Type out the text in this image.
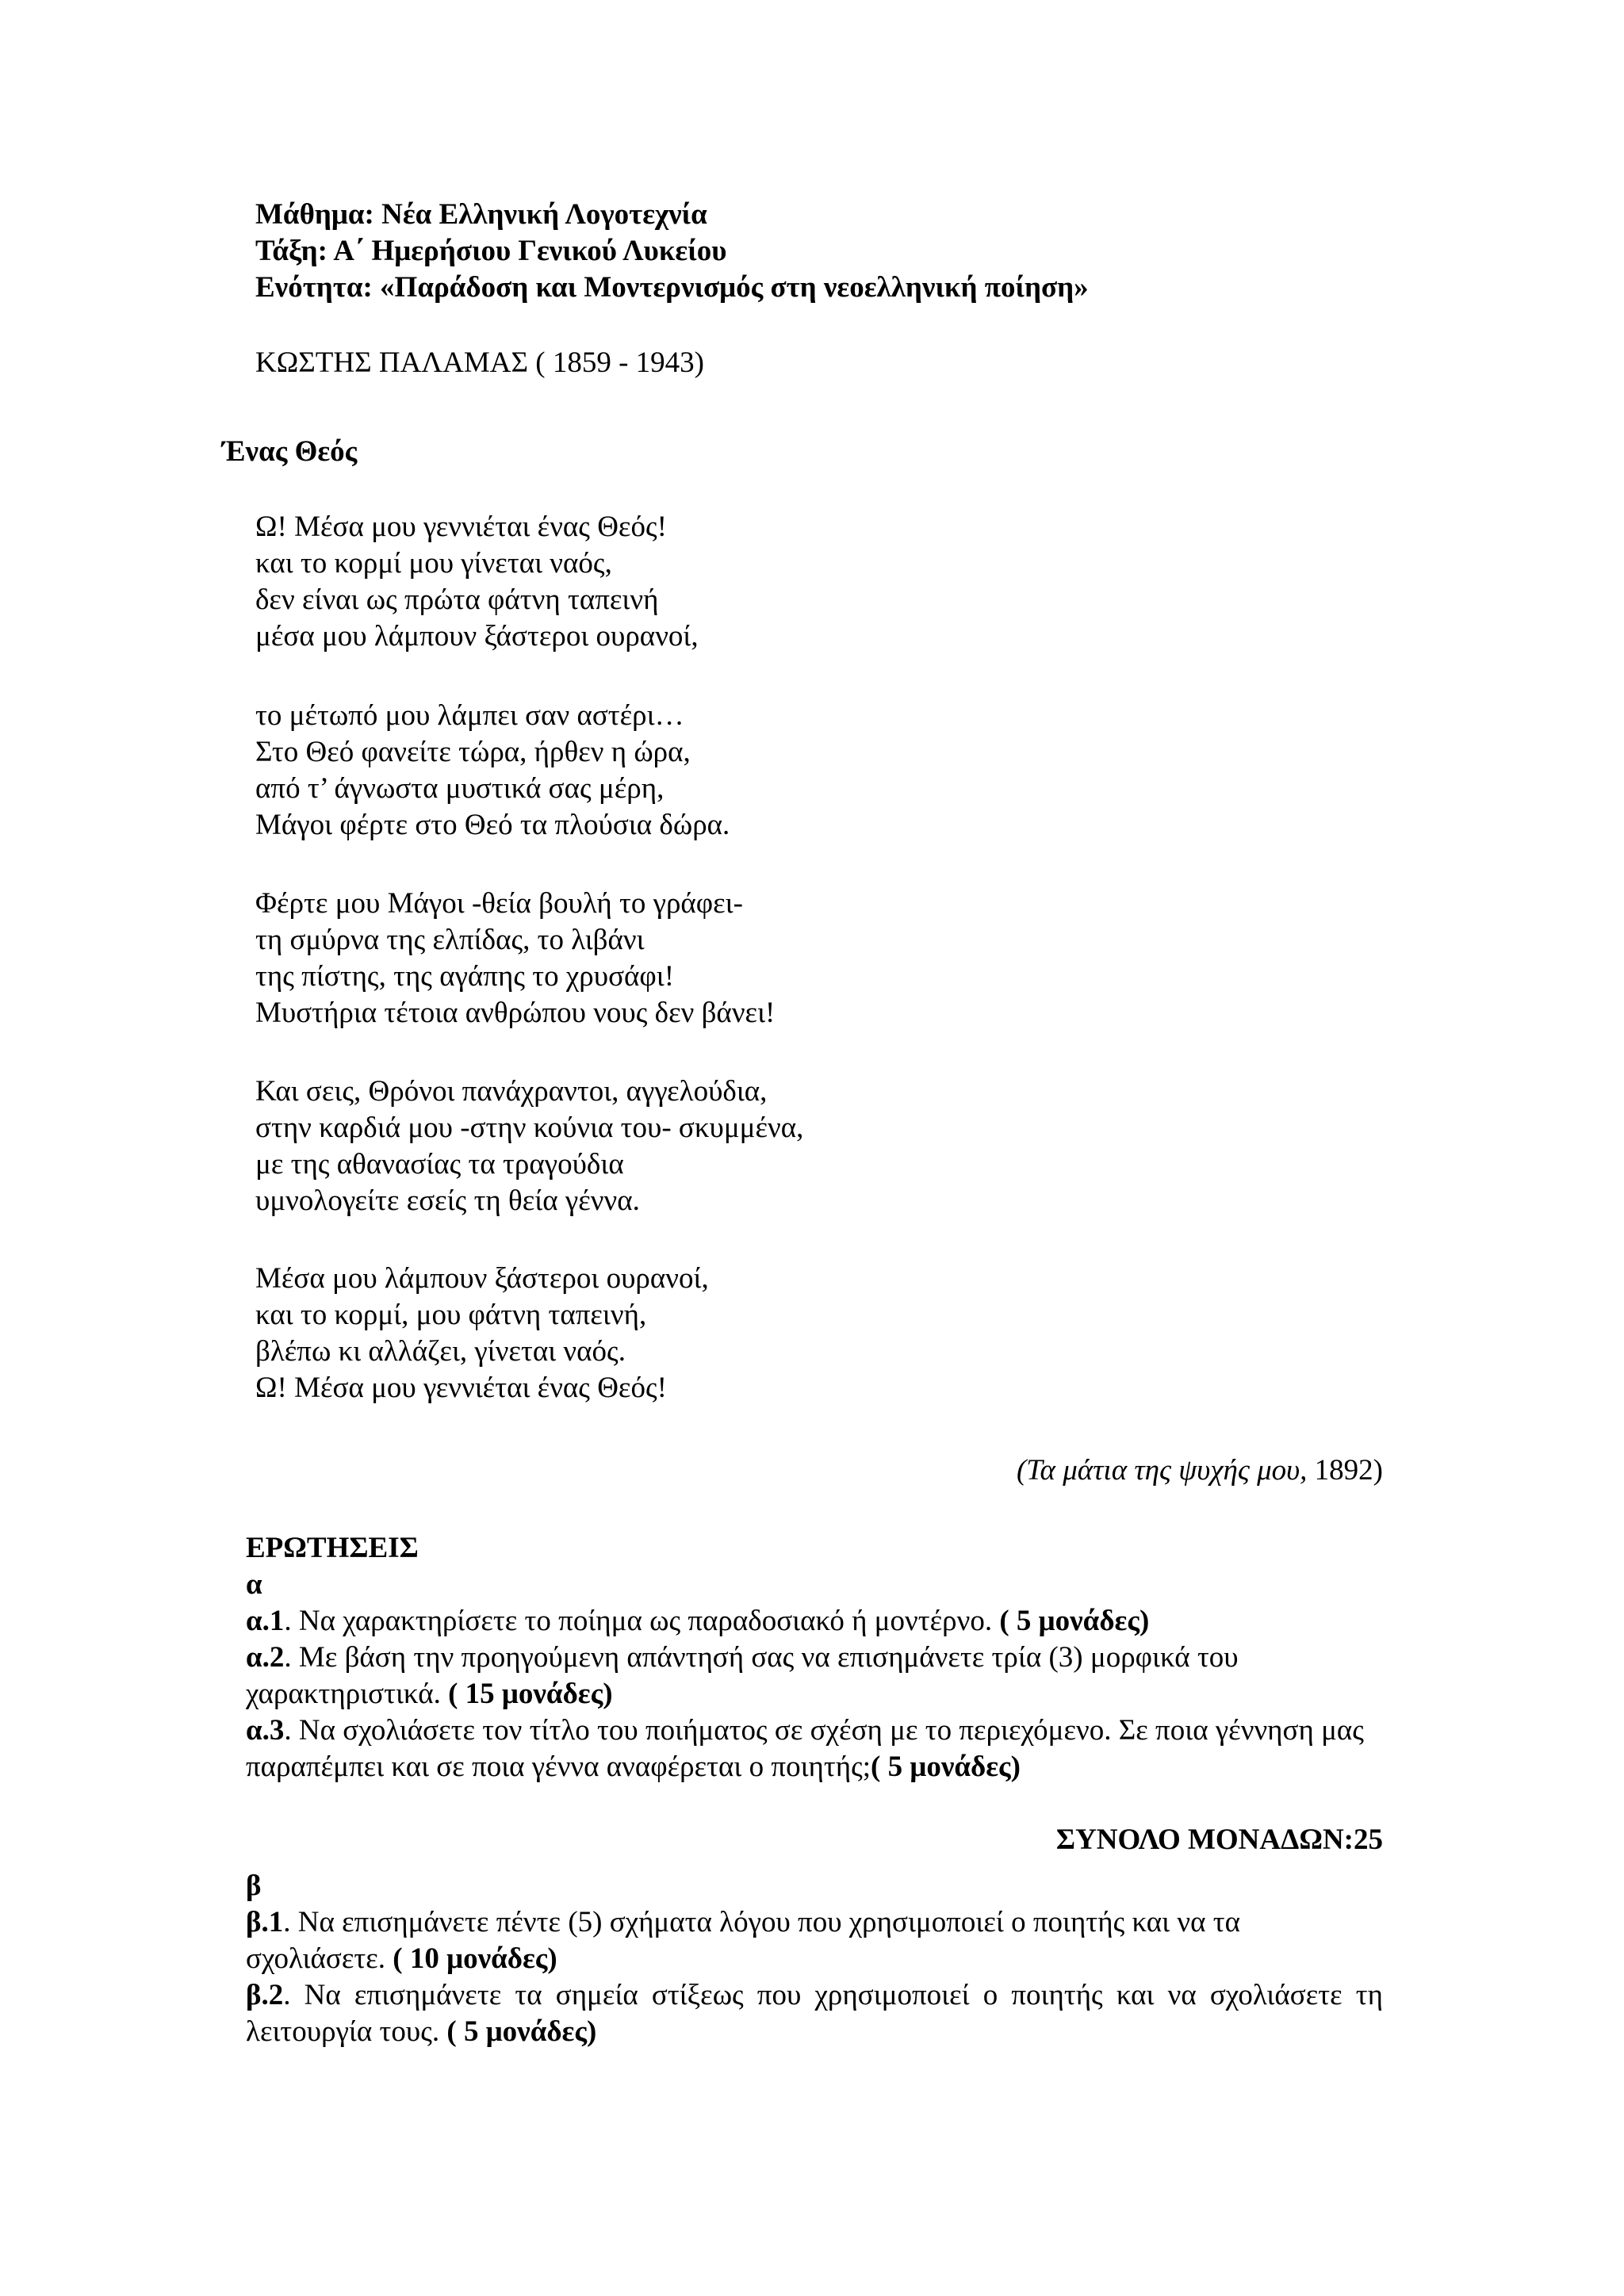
Μάθημα: Νέα Ελληνική Λογοτεχνία
Τάξη: Α΄ Ημερήσιου Γενικού Λυκείου
Ενότητα: «Παράδοση και Μοντερνισμός στη νεοελληνική ποίηση»
ΚΩΣΤΗΣ ΠΑΛΑΜΑΣ ( 1859 - 1943)
Ένας Θεός
Ω! Μέσα μου γεννιέται ένας Θεός!
και το κορμί μου γίνεται ναός,
δεν είναι ως πρώτα φάτνη ταπεινή
μέσα μου λάμπουν ξάστεροι ουρανοί,
το μέτωπό μου λάμπει σαν αστέρι…
Στο Θεό φανείτε τώρα, ήρθεν η ώρα,
από τ’ άγνωστα μυστικά σας μέρη,
Μάγοι φέρτε στο Θεό τα πλούσια δώρα.
Φέρτε μου Μάγοι -θεία βουλή το γράφει-
τη σμύρνα της ελπίδας, το λιβάνι
της πίστης, της αγάπης το χρυσάφι!
Μυστήρια τέτοια ανθρώπου νους δεν βάνει!
Και σεις, Θρόνοι πανάχραντοι, αγγελούδια,
στην καρδιά μου -στην κούνια του- σκυμμένα,
με της αθανασίας τα τραγούδια
υμνολογείτε εσείς τη θεία γέννα.
Μέσα μου λάμπουν ξάστεροι ουρανοί,
και το κορμί, μου φάτνη ταπεινή,
βλέπω κι αλλάζει, γίνεται ναός.
Ω! Μέσα μου γεννιέται ένας Θεός!
(Τα μάτια της ψυχής μου, 1892)
ΕΡΩΤΗΣΕΙΣ
α
α.1. Να χαρακτηρίσετε το ποίημα ως παραδοσιακό ή μοντέρνο. ( 5 μονάδες)
α.2. Με βάση την προηγούμενη απάντησή σας να επισημάνετε τρία (3) μορφικά του χαρακτηριστικά. ( 15 μονάδες)
α.3. Να σχολιάσετε τον τίτλο του ποιήματος σε σχέση με το περιεχόμενο. Σε ποια γέννηση μας παραπέμπει και σε ποια γέννα αναφέρεται ο ποιητής;( 5 μονάδες)
ΣΥΝΟΛΟ ΜΟΝΑΔΩΝ:25
β
β.1. Να επισημάνετε πέντε (5) σχήματα λόγου που χρησιμοποιεί ο ποιητής και να τα σχολιάσετε. ( 10 μονάδες)
β.2. Να επισημάνετε τα σημεία στίξεως που χρησιμοποιεί ο ποιητής και να σχολιάσετε τη λειτουργία τους. ( 5 μονάδες)
